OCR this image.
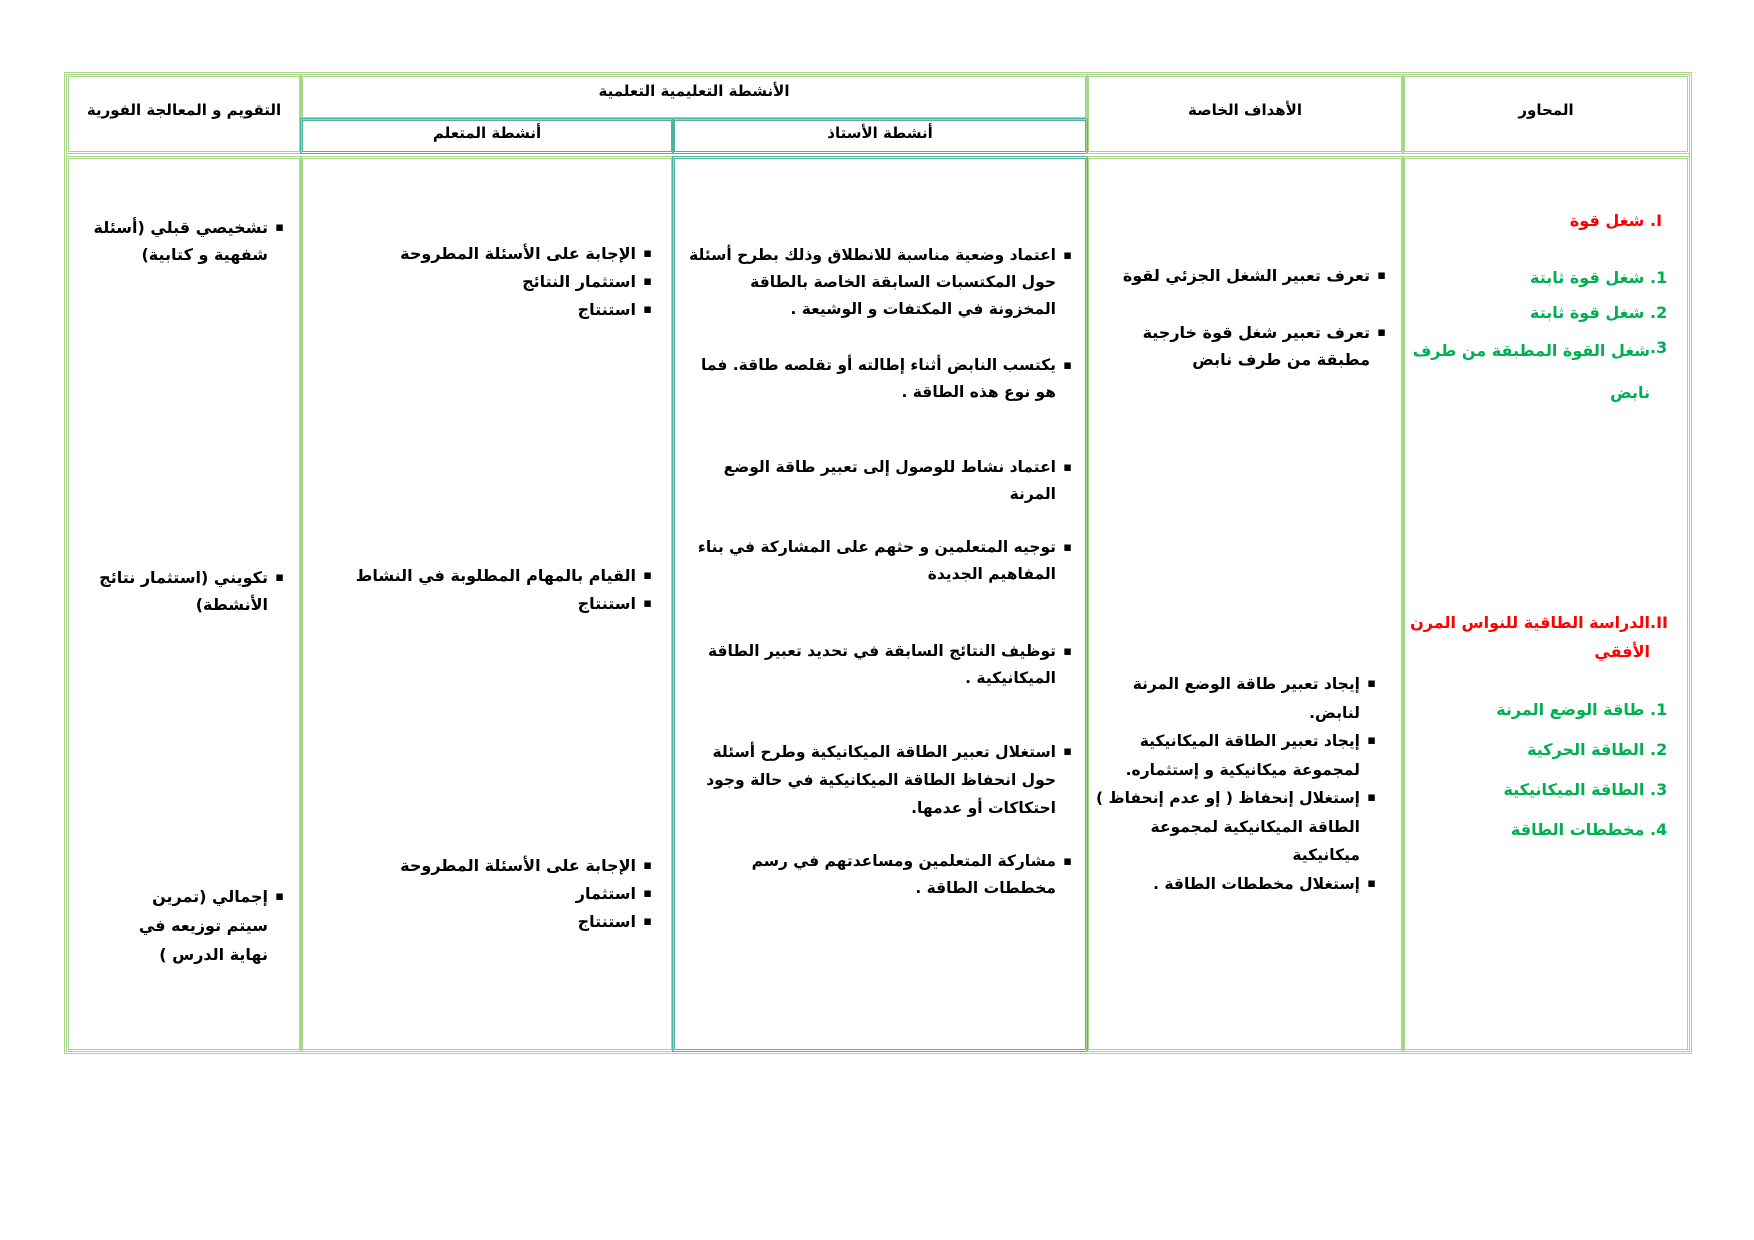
التقويم و المعالجة الفورية
الأنشطة التعليمية التعلمية
أنشطة المتعلم	أنشطة الأستاذ
الأهداف الخاصة	المحاور
▪ تشخيصي قبلي (أسئلة شفهية و كتابية)
▪ تكويني (استثمار نتائج الأنشطة)
▪ إجمالي (تمرين سيتم توزيعه في نهاية الدرس )
▪ الإجابة على الأسئلة المطروحة
▪ استثمار النتائج
▪ استنتاج
▪ القيام بالمهام المطلوبة في النشاط
▪ استنتاج
▪ الإجابة على الأسئلة المطروحة
▪ استثمار
▪ استنتاج
▪ اعتماد وضعية مناسبة للانطلاق وذلك بطرح أسئلة حول المكتسبات السابقة الخاصة بالطاقة المخزونة في المكتفات و الوشيعة .
▪ يكتسب النابض أثناء إطالته أو تقلصه طاقة. فما هو نوع هذه الطاقة .
▪ اعتماد نشاط للوصول إلى تعبير طاقة الوضع المرنة
▪ توجيه المتعلمين و حثهم على المشاركة في بناء المفاهيم الجديدة
▪ توظيف النتائج السابقة في تحديد تعبير الطاقة الميكانيكية .
▪ استغلال تعبير الطاقة الميكانيكية وطرح أسئلة حول انحفاظ الطاقة الميكانيكية في حالة وجود احتكاكات أو عدمها.
▪ مشاركة المتعلمين ومساعدتهم في رسم مخططات الطاقة .
▪ تعرف تعبير الشغل الجزئي لقوة
▪ تعرف تعبير شغل قوة خارجية مطبقة من طرف نابض
▪ إيجاد تعبير طاقة الوضع المرنة لنابض.
▪ إيجاد تعبير الطاقة الميكانيكية لمجموعة ميكانيكية و إستثماره.
▪ إستغلال إنحفاظ ( إو عدم إنحفاظ ) الطاقة الميكانيكية لمجموعة ميكانيكية
▪ إستغلال مخططات الطاقة .
I. شغل قوة
1. شغل قوة ثابتة
2. شغل قوة ثابتة
3.
شغل القوة المطبقة من طرف نابض
II.
الدراسة الطاقية للنواس المرن الأفقي
1. طاقة الوضع المرنة
2. الطاقة الحركية
3. الطاقة الميكانيكية
4. مخططات الطاقة
